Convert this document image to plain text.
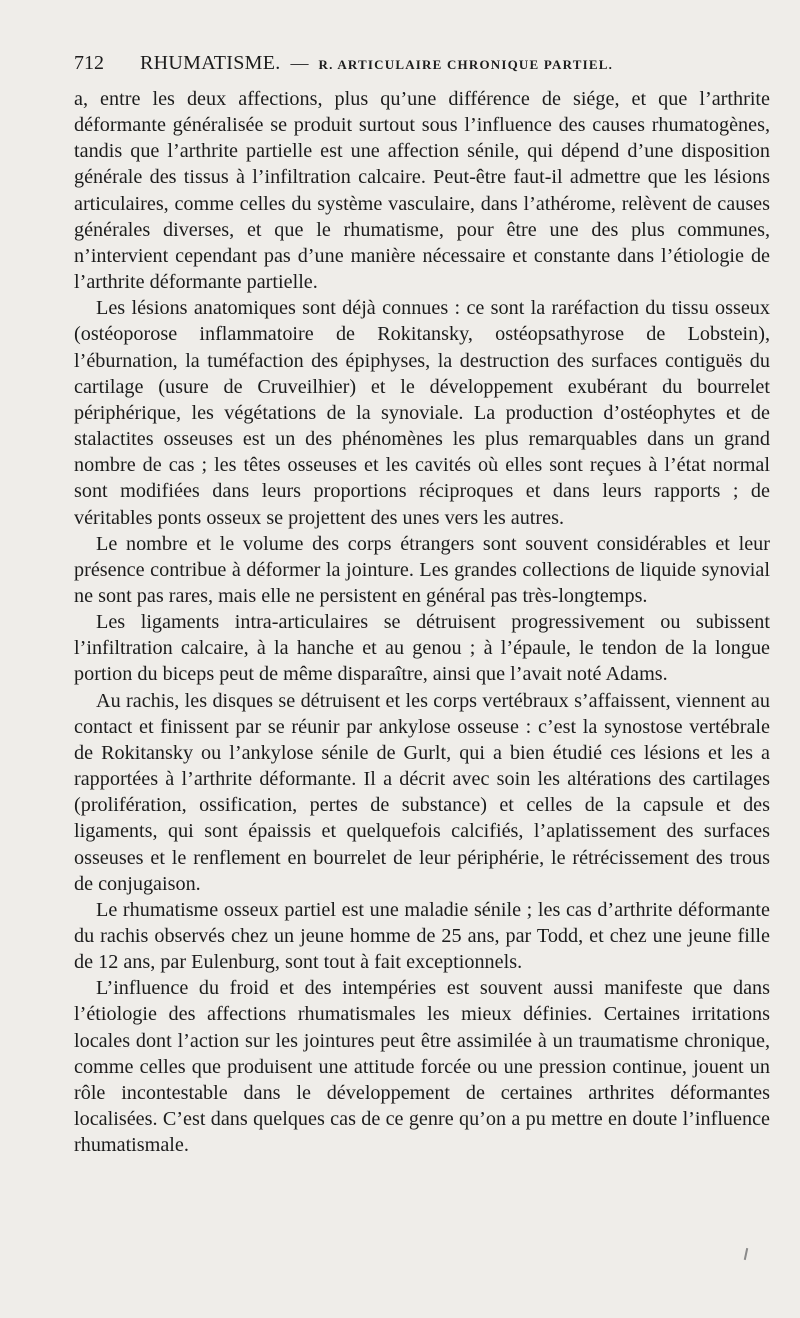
712	RHUMATISME. — R. ARTICULAIRE CHRONIQUE PARTIEL.

a, entre les deux affections, plus qu’une différence de siége, et que l’arthrite déformante généralisée se produit surtout sous l’influence des causes rhumatogènes, tandis que l’arthrite partielle est une affection sénile, qui dépend d’une disposition générale des tissus à l’infiltration calcaire. Peut-être faut-il admettre que les lésions articulaires, comme celles du système vasculaire, dans l’athérome, relèvent de causes générales diverses, et que le rhumatisme, pour être une des plus communes, n’intervient cependant pas d’une manière nécessaire et constante dans l’étiologie de l’arthrite déformante partielle.

Les lésions anatomiques sont déjà connues : ce sont la raréfaction du tissu osseux (ostéoporose inflammatoire de Rokitansky, ostéopsathyrose de Lobstein), l’éburnation, la tuméfaction des épiphyses, la destruction des surfaces contiguës du cartilage (usure de Cruveilhier) et le développement exubérant du bourrelet périphérique, les végétations de la synoviale. La production d’ostéophytes et de stalactites osseuses est un des phénomènes les plus remarquables dans un grand nombre de cas ; les têtes osseuses et les cavités où elles sont reçues à l’état normal sont modifiées dans leurs proportions réciproques et dans leurs rapports ; de véritables ponts osseux se projettent des unes vers les autres.

Le nombre et le volume des corps étrangers sont souvent considérables et leur présence contribue à déformer la jointure. Les grandes collections de liquide synovial ne sont pas rares, mais elle ne persistent en général pas très-longtemps.

Les ligaments intra-articulaires se détruisent progressivement ou subissent l’infiltration calcaire, à la hanche et au genou ; à l’épaule, le tendon de la longue portion du biceps peut de même disparaître, ainsi que l’avait noté Adams.

Au rachis, les disques se détruisent et les corps vertébraux s’affaissent, viennent au contact et finissent par se réunir par ankylose osseuse : c’est la synostose vertébrale de Rokitansky ou l’ankylose sénile de Gurlt, qui a bien étudié ces lésions et les a rapportées à l’arthrite déformante. Il a décrit avec soin les altérations des cartilages (prolifération, ossification, pertes de substance) et celles de la capsule et des ligaments, qui sont épaissis et quelquefois calcifiés, l’aplatissement des surfaces osseuses et le renflement en bourrelet de leur périphérie, le rétrécissement des trous de conjugaison.

Le rhumatisme osseux partiel est une maladie sénile ; les cas d’arthrite déformante du rachis observés chez un jeune homme de 25 ans, par Todd, et chez une jeune fille de 12 ans, par Eulenburg, sont tout à fait exceptionnels.

L’influence du froid et des intempéries est souvent aussi manifeste que dans l’étiologie des affections rhumatismales les mieux définies. Certaines irritations locales dont l’action sur les jointures peut être assimilée à un traumatisme chronique, comme celles que produisent une attitude forcée ou une pression continue, jouent un rôle incontestable dans le développement de certaines arthrites déformantes localisées. C’est dans quelques cas de ce genre qu’on a pu mettre en doute l’influence rhumatismale.
